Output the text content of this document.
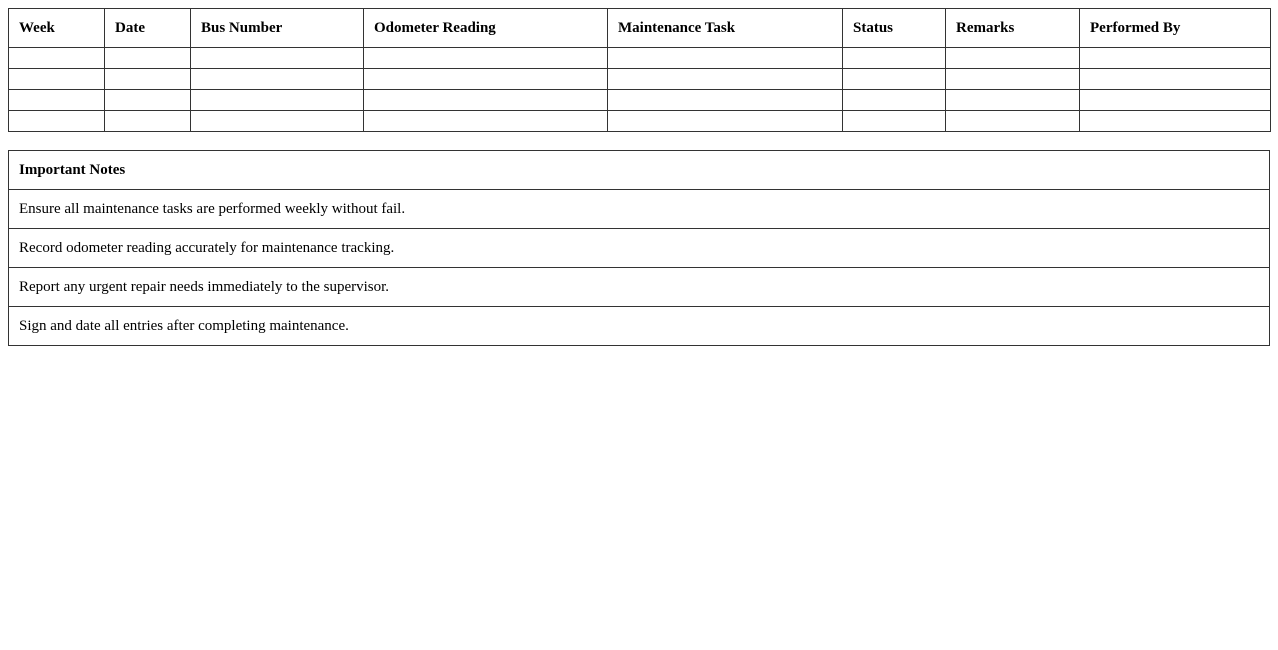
Week	Date	Bus Number	Odometer Reading	Maintenance Task	Status	Remarks	Performed By

Important Notes
Ensure all maintenance tasks are performed weekly without fail.
Record odometer reading accurately for maintenance tracking.
Report any urgent repair needs immediately to the supervisor.
Sign and date all entries after completing maintenance.
